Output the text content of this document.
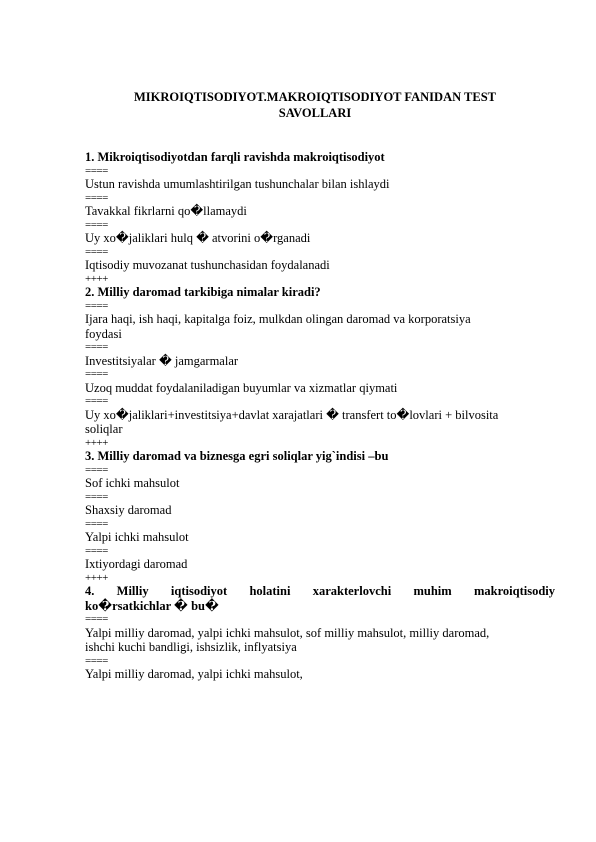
MIKROIQTISODIYOT.MAKROIQTISODIYOT FANIDAN TEST
SAVOLLARI
1. Mikroiqtisodiyotdan farqli ravishda makroiqtisodiyot
====
Ustun ravishda umumlashtirilgan tushunchalar bilan ishlaydi
====
Tavakkal fikrlarni qo�llamaydi
====
Uy xo�jaliklari hulq � atvorini o�rganadi
====
Iqtisodiy muvozanat tushunchasidan foydalanadi
++++
2. Milliy daromad tarkibiga nimalar kiradi?
====
Ijara haqi, ish haqi, kapitalga foiz, mulkdan olingan daromad va korporatsiya
foydasi
====
Investitsiyalar � jamgarmalar
====
Uzoq muddat foydalaniladigan buyumlar va xizmatlar qiymati
====
Uy xo�jaliklari+investitsiya+davlat xarajatlari � transfert to�lovlari + bilvosita
soliqlar
++++
3. Milliy daromad va biznesga egri soliqlar yig`indisi –bu
====
Sof ichki mahsulot
====
Shaxsiy daromad
====
Yalpi ichki mahsulot
====
Ixtiyordagi daromad
++++
4. Milliy iqtisodiyot holatini xarakterlovchi muhim makroiqtisodiy
ko�rsatkichlar � bu�
====
Yalpi milliy daromad, yalpi ichki mahsulot, sof milliy mahsulot, milliy daromad,
ishchi kuchi bandligi, ishsizlik, inflyatsiya
====
Yalpi milliy daromad, yalpi ichki mahsulot,
